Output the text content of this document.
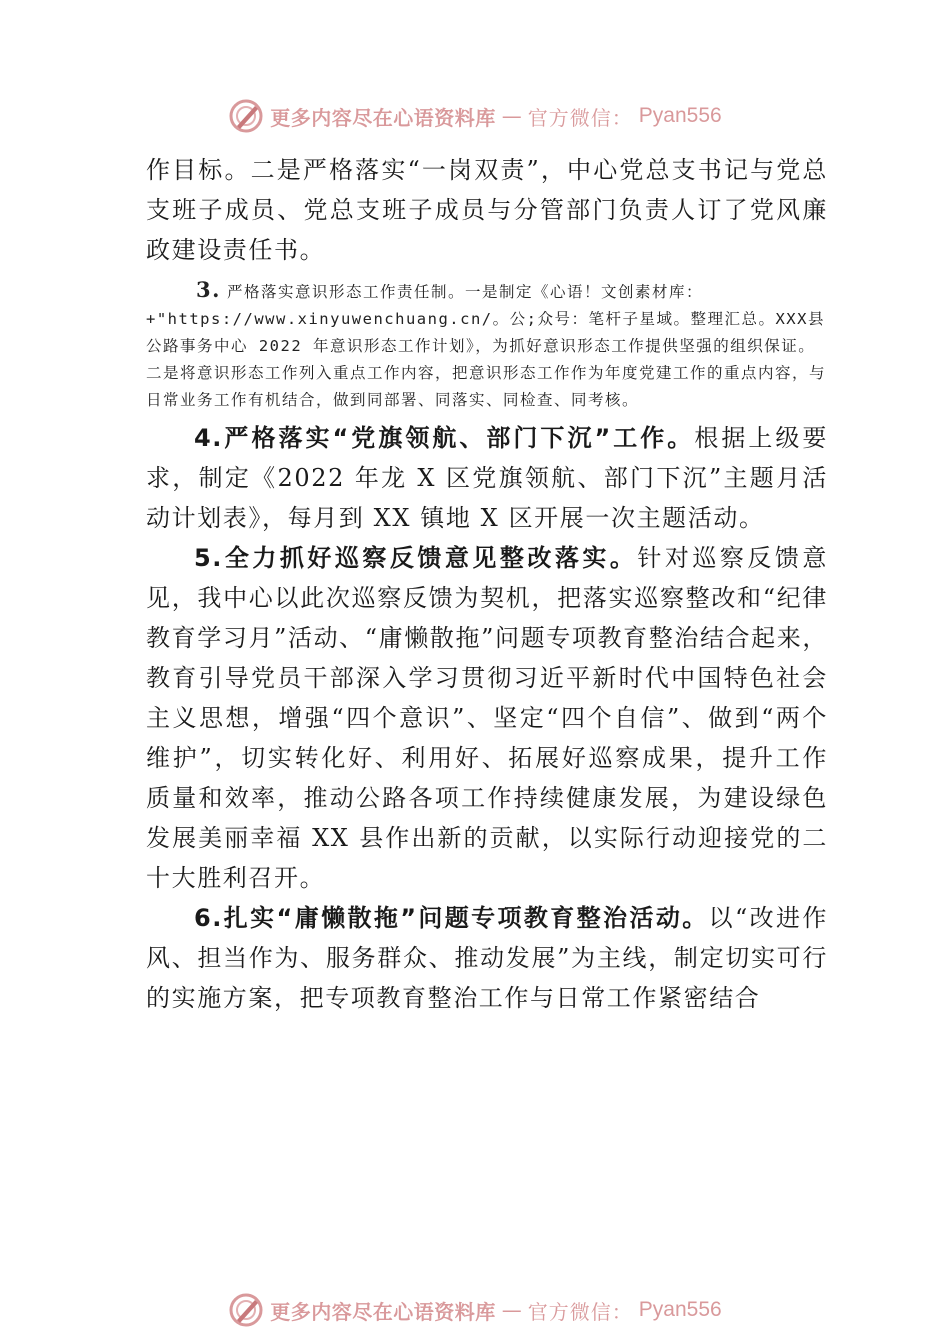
更多内容尽在心语资料库 — 官方微信： Pyan556

作目标。二是严格落实“一岗双责”，中心党总支书记与党总支班子成员、党总支班子成员与分管部门负责人订了党风廉政建设责任书。

3. 严格落实意识形态工作责任制。一是制定《心语！文创素材库：+"https://www.xinyuwenchuang.cn/。公;众号：笔杆子星域。整理汇总。XXX县公路事务中心 2022 年意识形态工作计划》，为抓好意识形态工作提供坚强的组织保证。二是将意识形态工作列入重点工作内容，把意识形态工作作为年度党建工作的重点内容，与日常业务工作有机结合，做到同部署、同落实、同检查、同考核。

4.严格落实“党旗领航、部门下沉”工作。根据上级要求，制定《2022 年龙 X 区党旗领航、部门下沉”主题月活动计划表》，每月到 XX 镇地 X 区开展一次主题活动。

5.全力抓好巡察反馈意见整改落实。针对巡察反馈意见，我中心以此次巡察反馈为契机，把落实巡察整改和“纪律教育学习月”活动、“庸懒散拖”问题专项教育整治结合起来，教育引导党员干部深入学习贯彻习近平新时代中国特色社会主义思想，增强“四个意识”、坚定“四个自信”、做到“两个维护”，切实转化好、利用好、拓展好巡察成果，提升工作 质量和效率，推动公路各项工作持续健康发展，为建设绿色 发展美丽幸福 XX 县作出新的贡献，以实际行动迎接党的二 十大胜利召开。

6.扎实“庸懒散拖”问题专项教育整治活动。以“改进作风、担当作为、服务群众、推动发展”为主线，制定切实可行的实施方案，把专项教育整治工作与日常工作紧密结合

更多内容尽在心语资料库 — 官方微信： Pyan556
